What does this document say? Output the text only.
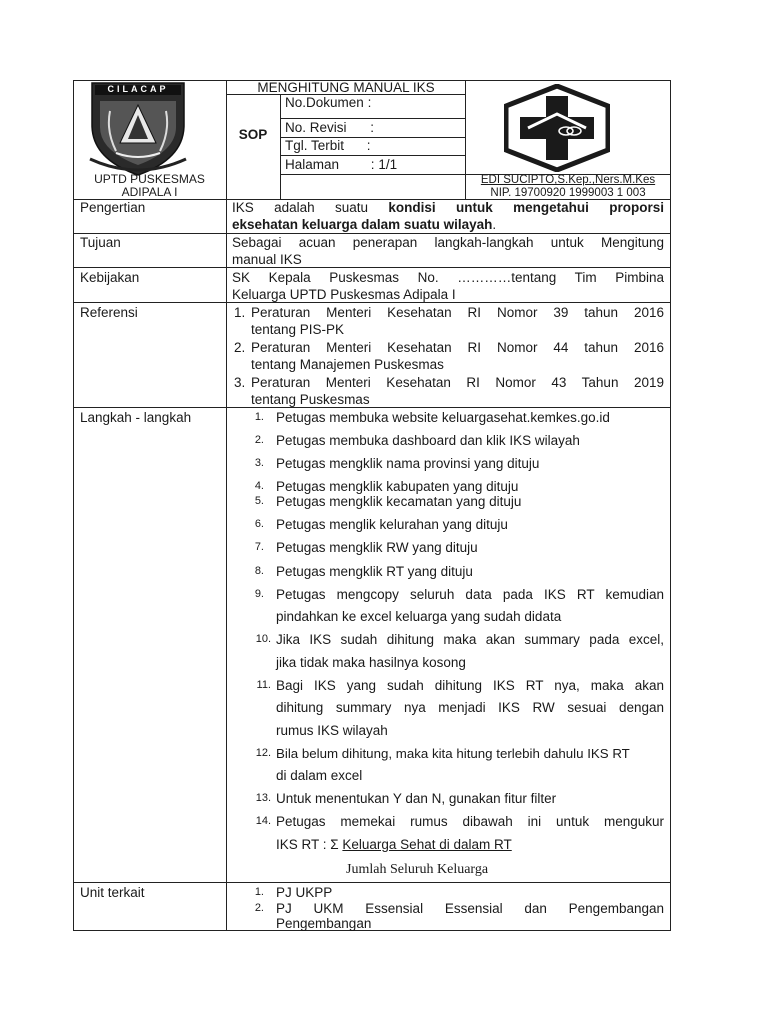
CILACAP
UPTD PUSKESMAS
ADIPALA I
MENGHITUNG MANUAL IKS
SOP
No.Dokumen :
No. Revisi :
Tgl. Terbit :
Halaman : 1/1
EDI SUCIPTO,S.Kep.,Ners.M.Kes
NIP. 19700920 1999003 1 003
Pengertian	IKS adalah suatu kondisi untuk mengetahui proporsi
eksehatan keluarga dalam suatu wilayah.
Tujuan	Sebagai acuan penerapan langkah-langkah untuk Mengitung
manual IKS
Kebijakan	SK Kepala Puskesmas No. …………tentang Tim Pimbina
Keluarga UPTD Puskesmas Adipala I
Referensi	1. Peraturan Menteri Kesehatan RI Nomor 39 tahun 2016
tentang PIS-PK
2. Peraturan Menteri Kesehatan RI Nomor 44 tahun 2016
tentang Manajemen Puskesmas
3. Peraturan Menteri Kesehatan RI Nomor 43 Tahun 2019
tentang Puskesmas
Langkah - langkah	1. Petugas membuka website keluargasehat.kemkes.go.id
2. Petugas membuka dashboard dan klik IKS wilayah
3. Petugas mengklik nama provinsi yang dituju
4. Petugas mengklik kabupaten yang dituju
5. Petugas mengklik kecamatan yang dituju
6. Petugas menglik kelurahan yang dituju
7. Petugas mengklik RW yang dituju
8. Petugas mengklik RT yang dituju
9. Petugas mengcopy seluruh data pada IKS RT kemudian
pindahkan ke excel keluarga yang sudah didata
10. Jika IKS sudah dihitung maka akan summary pada excel,
jika tidak maka hasilnya kosong
11. Bagi IKS yang sudah dihitung IKS RT nya, maka akan
dihitung summary nya menjadi IKS RW sesuai dengan
rumus IKS wilayah
12. Bila belum dihitung, maka kita hitung terlebih dahulu IKS RT
di dalam excel
13. Untuk menentukan Y dan N, gunakan fitur filter
14. Petugas memekai rumus dibawah ini untuk mengukur
IKS RT : Σ Keluarga Sehat di dalam RT
Jumlah Seluruh Keluarga
Unit terkait	1. PJ UKPP
2. PJ UKM Essensial Essensial dan Pengembangan
Pengembangan
